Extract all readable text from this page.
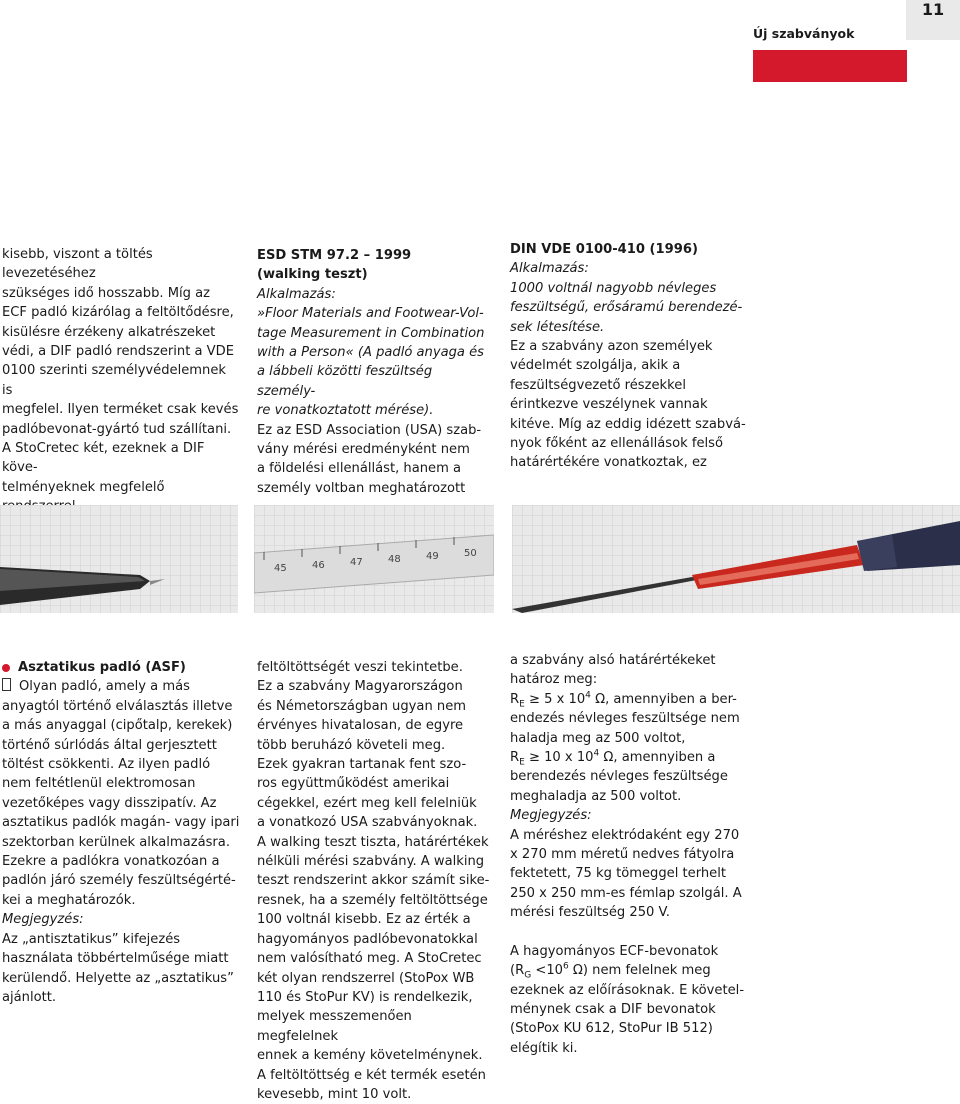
11
Új szabványok

kisebb, viszont a töltés levezetéséhez

szükséges idő hosszabb. Míg az

ECF padló kizárólag a feltöltődésre,

kisülésre érzékeny alkatrészeket

védi, a DIF padló rendszerint a VDE

0100 szerinti személyvédelemnek is

megfelel. Ilyen terméket csak kevés

padlóbevonat-gyártó tud szállítani.

A StoCretec két, ezeknek a DIF köve-

telményeknek megfelelő

ESD STM 97.2 – 1999

(walking teszt)

Alkalmazás:

»Floor Materials and Footwear-Vol-

tage Measurement in Combination

with a Person« (A padló anyaga és

a lábbeli közötti feszültség személy-

re vonatkoztatott mérése).

Ez az ESD Association (USA) szab-

vány mérési eredményként nem

a földelési ellenállást, hanem a

személy voltban meghatározott

DIN VDE 0100-410 (1996)

Alkalmazás:

1000 voltnál nagyobb névleges

feszültségű, erősáramú berendezé-

sek létesítése.

Ez a szabvány azon személyek

védelmét szolgálja, akik a

feszültségvezető részekkel

érintkezve veszélynek vannak

kitéve. Míg az eddig idézett szabvá-

nyok főként az ellenállások felső

határértékére vonatkoztak, ez

45	46	47	48	49	50

Asztatikus padló (ASF)

Olyan padló, amely a más

anyagtól történő elválasztás illetve

a más anyaggal (cipőtalp, kerekek)

történő súrlódás által gerjesztett

töltést csökkenti. Az ilyen padló

nem feltétlenül elektromosan

vezetőképes vagy disszipatív. Az

asztatikus padlók magán- vagy ipari

szektorban kerülnek alkalmazásra.

Ezekre a padlókra vonatkozóan a

padlón járó személy feszültségérté-

kei a meghatározók.

Megjegyzés:

Az „antisztatikus” kifejezés

használata többértelműsége miatt

kerülendő. Helyette az „asztatikus”

ajánlott.

feltöltöttségét veszi tekintetbe.

Ez a szabvány Magyarországon

és Németországban ugyan nem

érvényes hivatalosan, de egyre

több beruházó követeli meg.

Ezek gyakran tartanak fent szo-

ros együttműködést amerikai

cégekkel, ezért meg kell felelniük

a vonatkozó USA szabványoknak.

A walking teszt tiszta, határértékek

nélküli mérési szabvány. A walking

teszt rendszerint akkor számít sike-

resnek, ha a személy feltöltöttsége

100 voltnál kisebb. Ez az érték a

hagyományos padlóbevonatokkal

nem valósítható meg. A StoCretec

két olyan rendszerrel (StoPox WB

110 és StoPur KV) is rendelkezik,

melyek messzemenően megfelelnek

ennek a kemény követelménynek.

A feltöltöttség e két termék esetén

kevesebb, mint 10 volt.

a szabvány alsó határértékeket

határoz meg:

$R_E \ge 5$ x $10^4$ Ω, amennyiben a ber-

endezés névleges feszültsége nem

haladja meg az 500 voltot,

$R_E \ge 10$ x $10^4$ Ω, amennyiben a

berendezés névleges feszültsége

meghaladja az 500 voltot.

Megjegyzés:

A méréshez elektródaként egy 270

x 270 mm méretű nedves fátyolra

fektetett, 75 kg tömeggel terhelt

250 x 250 mm-es fémlap szolgál. A

mérési feszültség 250 V.

A hagyományos ECF-bevonatok

($R_G <10^6$ Ω) nem felelnek meg

ezeknek az előírásoknak. E követel-

ménynek csak a DIF bevonatok

(StoPox KU 612, StoPur IB 512)

elégítik ki.
